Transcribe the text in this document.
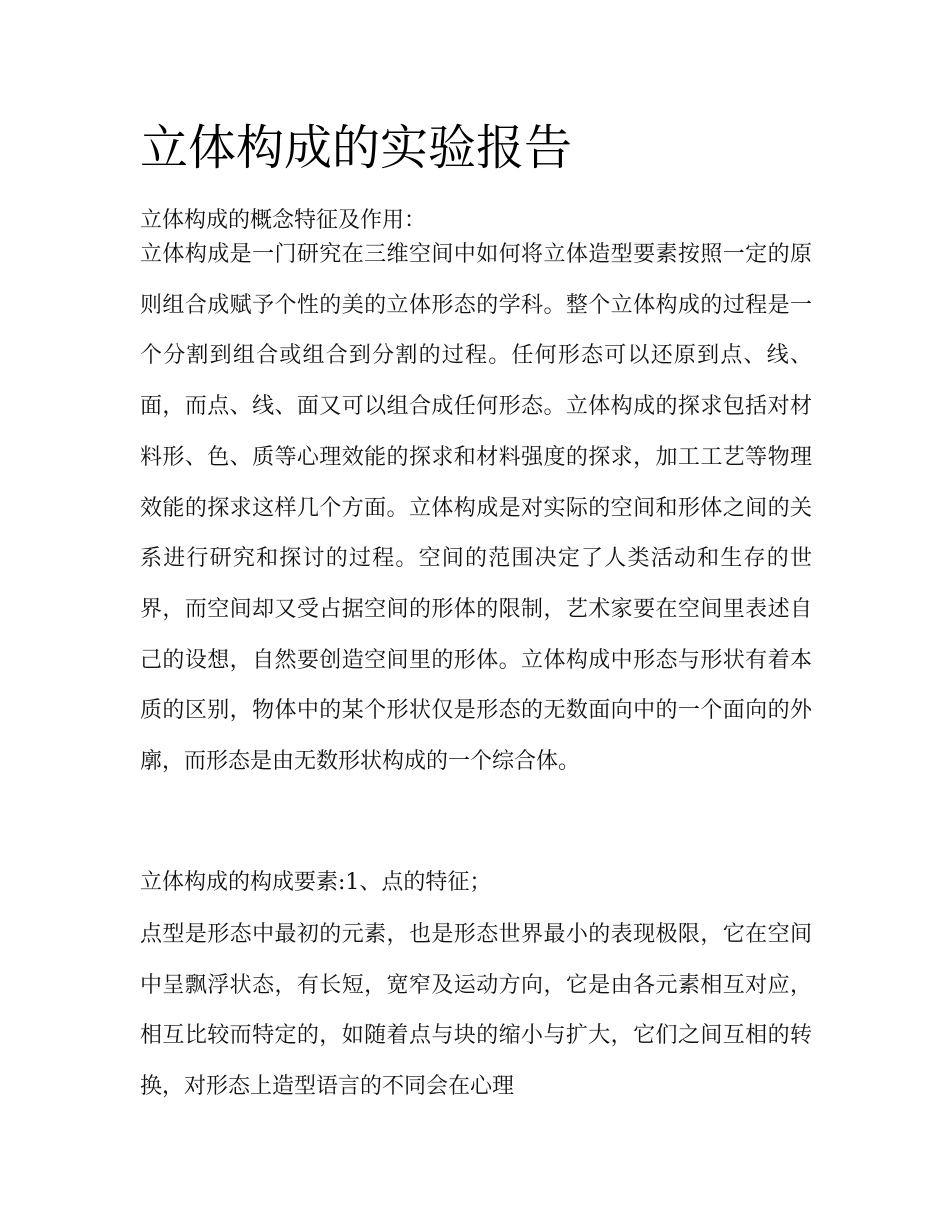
立体构成的实验报告
立体构成的概念特征及作用：

立体构成是一门研究在三维空间中如何将立体造型要素按照一定的原则组合成赋予个性的美的立体形态的学科。整个立体构成的过程是一个分割到组合或组合到分割的过程。任何形态可以还原到点、线、面，而点、线、面又可以组合成任何形态。立体构成的探求包括对材料形、色、质等心理效能的探求和材料强度的探求，加工工艺等物理效能的探求这样几个方面。立体构成是对实际的空间和形体之间的关系进行研究和探讨的过程。空间的范围决定了人类活动和生存的世界，而空间却又受占据空间的形体的限制，艺术家要在空间里表述自己的设想，自然要创造空间里的形体。立体构成中形态与形状有着本质的区别，物体中的某个形状仅是形态的无数面向中的一个面向的外廓，而形态是由无数形状构成的一个综合体。

立体构成的构成要素:1、点的特征；

点型是形态中最初的元素，也是形态世界最小的表现极限，它在空间中呈飘浮状态，有长短，宽窄及运动方向，它是由各元素相互对应，相互比较而特定的，如随着点与块的缩小与扩大，它们之间互相的转换，对形态上造型语言的不同会在心理
